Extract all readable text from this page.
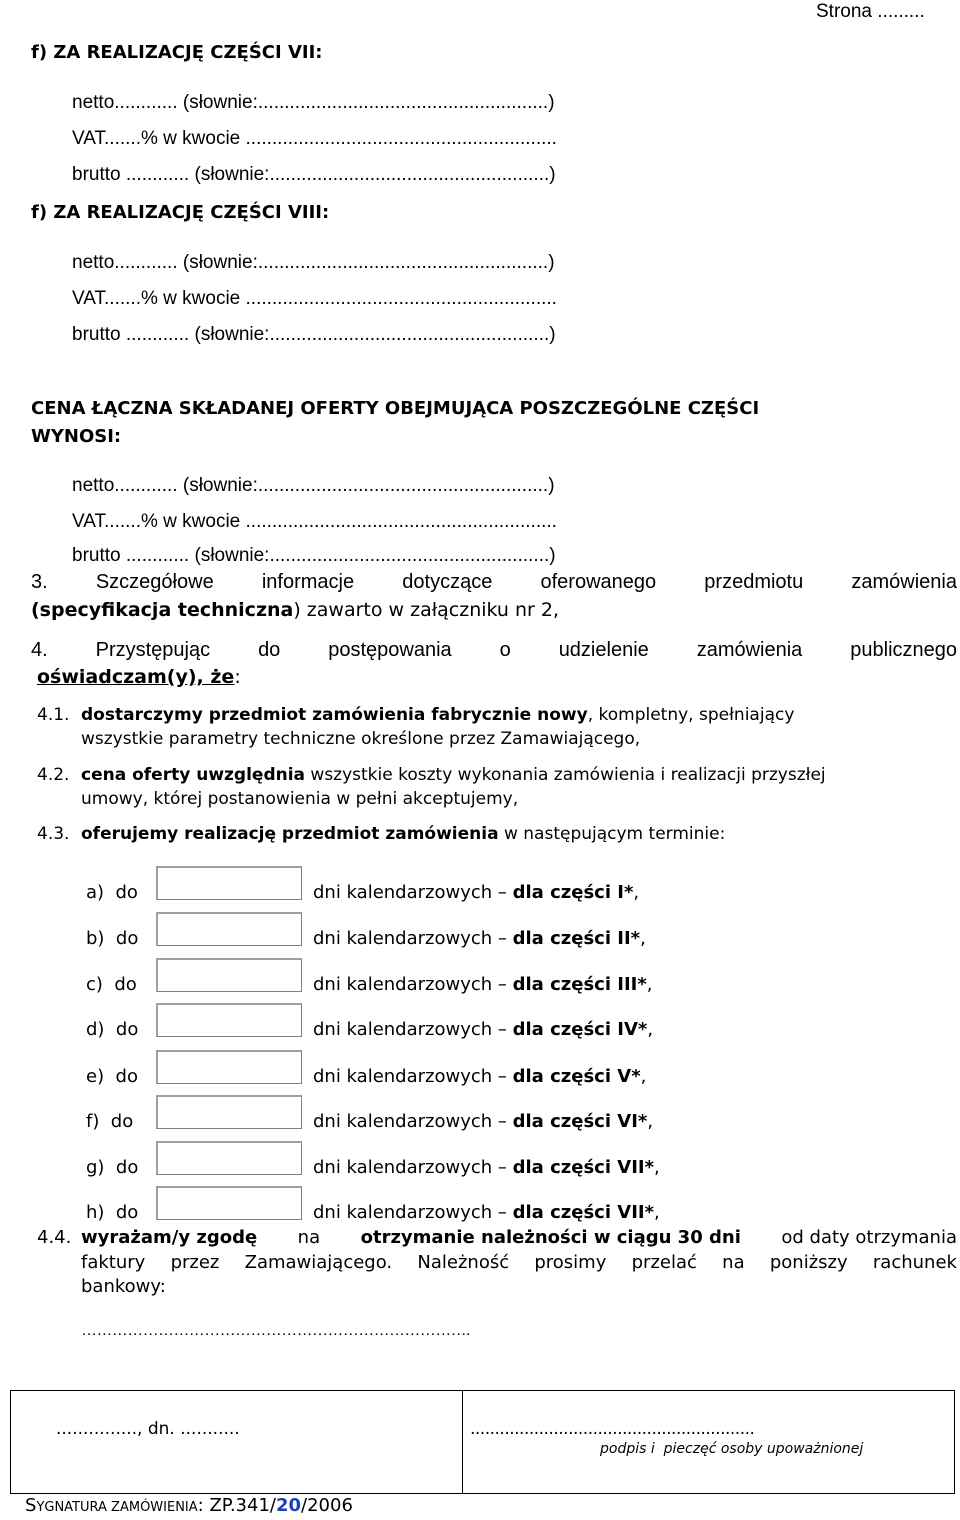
Strona .........
f) ZA REALIZACJĘ CZĘŚCI VII:
netto............ (słownie:.......................................................)
VAT.......% w kwocie ...........................................................
brutto ............ (słownie:.....................................................)
f) ZA REALIZACJĘ CZĘŚCI VIII:
netto............ (słownie:.......................................................)
VAT.......% w kwocie ...........................................................
brutto ............ (słownie:.....................................................)
CENA ŁĄCZNA SKŁADANEJ OFERTY OBEJMUJĄCA POSZCZEGÓLNE CZĘŚCI
WYNOSI:
netto............ (słownie:.......................................................)
VAT.......% w kwocie ...........................................................
brutto ............ (słownie:.....................................................)
3. Szczegółowe informacje dotyczące oferowanego przedmiotu zamówienia
(specyfikacja techniczna) zawarto w załączniku nr 2,
4. Przystępując do postępowania o udzielenie zamówienia publicznego
oświadczam(y), że:
4.1. dostarczymy przedmiot zamówienia fabrycznie nowy, kompletny, spełniający
wszystkie parametry techniczne określone przez Zamawiającego,
4.2. cena oferty uwzględnia wszystkie koszty wykonania zamówienia i realizacji przyszłej
umowy, której postanowienia w pełni akceptujemy,
4.3. oferujemy realizację przedmiot zamówienia w następującym terminie:
a)  do	dni kalendarzowych – dla części I*,
b)  do	dni kalendarzowych – dla części II*,
c)  do	dni kalendarzowych – dla części III*,
d)  do	dni kalendarzowych – dla części IV*,
e)  do	dni kalendarzowych – dla części V*,
f)  do	dni kalendarzowych – dla części VI*,
g)  do	dni kalendarzowych – dla części VII*,
h)  do	dni kalendarzowych – dla części VII*,
4.4. wyrażam/y zgodę na otrzymanie należności w ciągu 30 dni od daty otrzymania
faktury przez Zamawiającego. Należność prosimy przelać na poniższy rachunek
bankowy:
………………………………………………………………….
..............., dn. ...........	..........................................................
podpis i  pieczęć osoby upoważnionej
SYGNATURA ZAMÓWIENIA: ZP.341/20/2006
